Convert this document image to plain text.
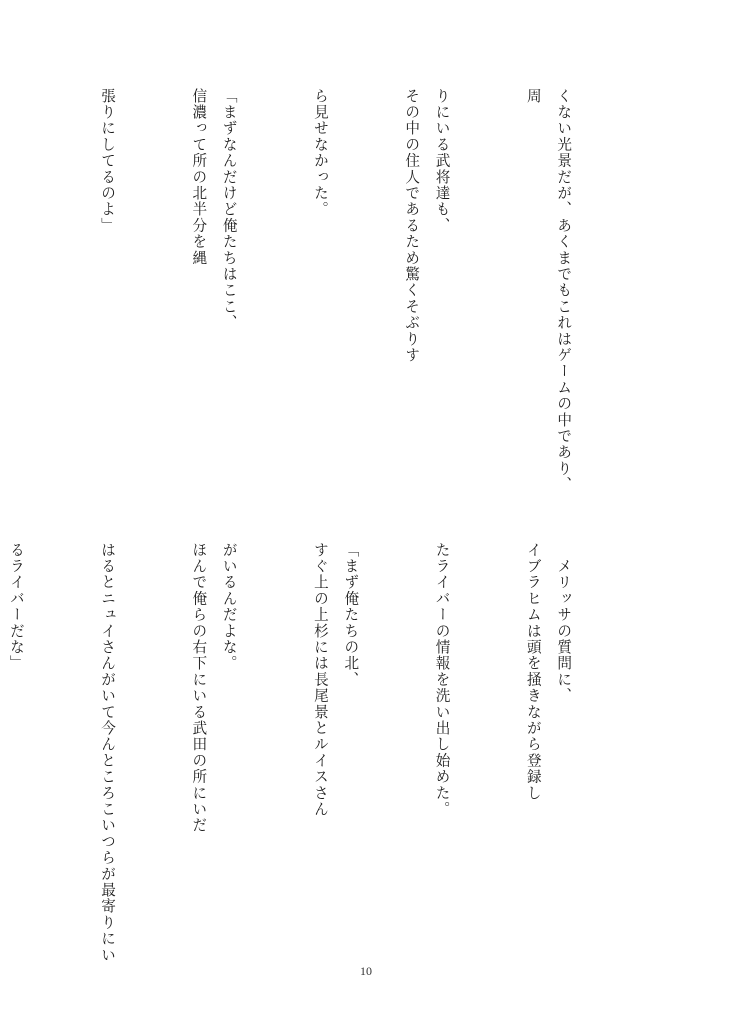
くない光景だが、あくまでもこれはゲームの中であり、周

りにいる武将達も、その中の住人であるため驚くそぶりす

ら見せなかった。

「まずなんだけど俺たちはここ、信濃って所の北半分を縄

張りにしてるのよ」

　メリッサの質問に、イブラヒムは頭を掻きながら登録し

たライバーの情報を洗い出し始めた。

「まず俺たちの北、すぐ上の上杉には長尾景とルイスさん

がいるんだよな。ほんで俺らの右下にいる武田の所にいだ

はるとニュイさんがいて今んところこいつらが最寄りにい

るライバーだな」

10
